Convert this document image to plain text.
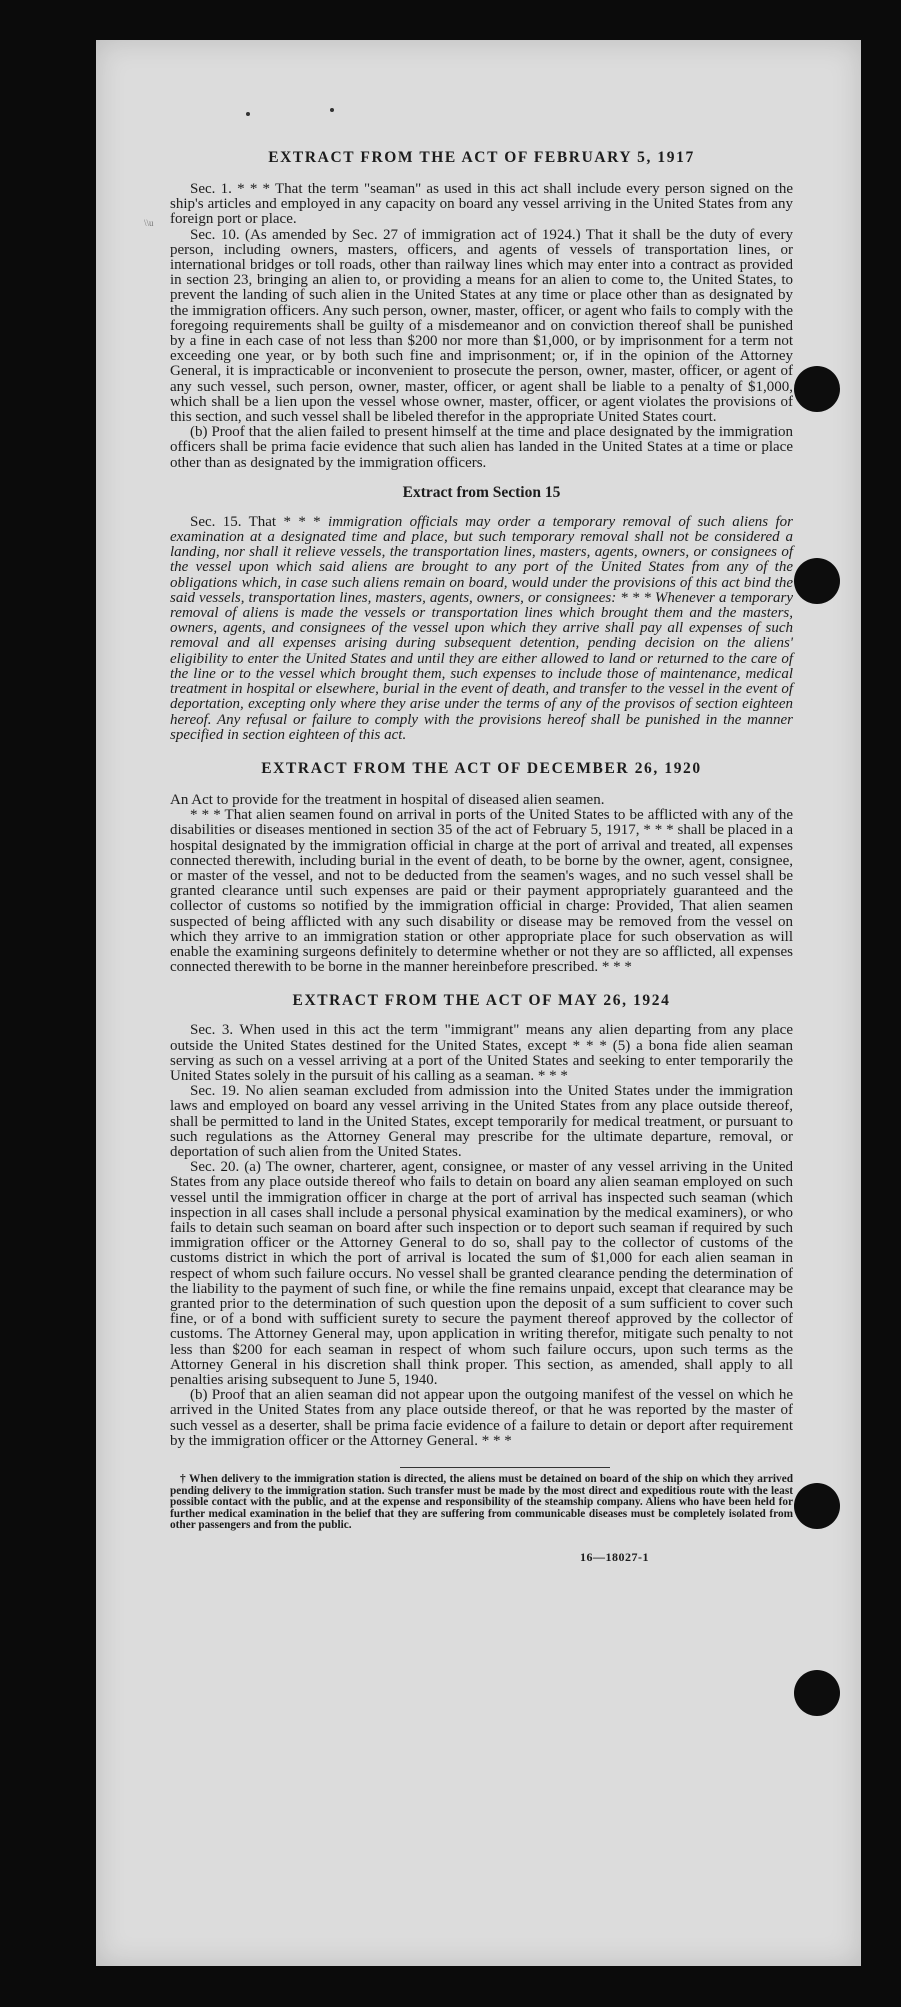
EXTRACT FROM THE ACT OF FEBRUARY 5, 1917

Sec. 1. * * * That the term "seaman" as used in this act shall include every person signed on the ship's articles and employed in any capacity on board any vessel arriving in the United States from any foreign port or place.

Sec. 10. (As amended by Sec. 27 of immigration act of 1924.) That it shall be the duty of every person, including owners, masters, officers, and agents of vessels of transportation lines, or international bridges or toll roads, other than railway lines which may enter into a contract as provided in section 23, bringing an alien to, or providing a means for an alien to come to, the United States, to prevent the landing of such alien in the United States at any time or place other than as designated by the immigration officers. Any such person, owner, master, officer, or agent who fails to comply with the foregoing requirements shall be guilty of a misdemeanor and on conviction thereof shall be punished by a fine in each case of not less than $200 nor more than $1,000, or by imprisonment for a term not exceeding one year, or by both such fine and imprisonment; or, if in the opinion of the Attorney General, it is impracticable or inconvenient to prosecute the person, owner, master, officer, or agent of any such vessel, such person, owner, master, officer, or agent shall be liable to a penalty of $1,000, which shall be a lien upon the vessel whose owner, master, officer, or agent violates the provisions of this section, and such vessel shall be libeled therefor in the appropriate United States court.

(b) Proof that the alien failed to present himself at the time and place designated by the immigration officers shall be prima facie evidence that such alien has landed in the United States at a time or place other than as designated by the immigration officers.

Extract from Section 15

Sec. 15. That * * * immigration officials may order a temporary removal of such aliens for examination at a designated time and place, but such temporary removal shall not be considered a landing, nor shall it relieve vessels, the transportation lines, masters, agents, owners, or consignees of the vessel upon which said aliens are brought to any port of the United States from any of the obligations which, in case such aliens remain on board, would under the provisions of this act bind the said vessels, transportation lines, masters, agents, owners, or consignees: * * * Whenever a temporary removal of aliens is made the vessels or transportation lines which brought them and the masters, owners, agents, and consignees of the vessel upon which they arrive shall pay all expenses of such removal and all expenses arising during subsequent detention, pending decision on the aliens' eligibility to enter the United States and until they are either allowed to land or returned to the care of the line or to the vessel which brought them, such expenses to include those of maintenance, medical treatment in hospital or elsewhere, burial in the event of death, and transfer to the vessel in the event of deportation, excepting only where they arise under the terms of any of the provisos of section eighteen hereof. Any refusal or failure to comply with the provisions hereof shall be punished in the manner specified in section eighteen of this act.

EXTRACT FROM THE ACT OF DECEMBER 26, 1920

An Act to provide for the treatment in hospital of diseased alien seamen.

* * * That alien seamen found on arrival in ports of the United States to be afflicted with any of the disabilities or diseases mentioned in section 35 of the act of February 5, 1917, * * * shall be placed in a hospital designated by the immigration official in charge at the port of arrival and treated, all expenses connected therewith, including burial in the event of death, to be borne by the owner, agent, consignee, or master of the vessel, and not to be deducted from the seamen's wages, and no such vessel shall be granted clearance until such expenses are paid or their payment appropriately guaranteed and the collector of customs so notified by the immigration official in charge: Provided, That alien seamen suspected of being afflicted with any such disability or disease may be removed from the vessel on which they arrive to an immigration station or other appropriate place for such observation as will enable the examining surgeons definitely to determine whether or not they are so afflicted, all expenses connected therewith to be borne in the manner hereinbefore prescribed. * * *

EXTRACT FROM THE ACT OF MAY 26, 1924

Sec. 3. When used in this act the term "immigrant" means any alien departing from any place outside the United States destined for the United States, except * * * (5) a bona fide alien seaman serving as such on a vessel arriving at a port of the United States and seeking to enter temporarily the United States solely in the pursuit of his calling as a seaman. * * *

Sec. 19. No alien seaman excluded from admission into the United States under the immigration laws and employed on board any vessel arriving in the United States from any place outside thereof, shall be permitted to land in the United States, except temporarily for medical treatment, or pursuant to such regulations as the Attorney General may prescribe for the ultimate departure, removal, or deportation of such alien from the United States.

Sec. 20. (a) The owner, charterer, agent, consignee, or master of any vessel arriving in the United States from any place outside thereof who fails to detain on board any alien seaman employed on such vessel until the immigration officer in charge at the port of arrival has inspected such seaman (which inspection in all cases shall include a personal physical examination by the medical examiners), or who fails to detain such seaman on board after such inspection or to deport such seaman if required by such immigration officer or the Attorney General to do so, shall pay to the collector of customs of the customs district in which the port of arrival is located the sum of $1,000 for each alien seaman in respect of whom such failure occurs. No vessel shall be granted clearance pending the determination of the liability to the payment of such fine, or while the fine remains unpaid, except that clearance may be granted prior to the determination of such question upon the deposit of a sum sufficient to cover such fine, or of a bond with sufficient surety to secure the payment thereof approved by the collector of customs. The Attorney General may, upon application in writing therefor, mitigate such penalty to not less than $200 for each seaman in respect of whom such failure occurs, upon such terms as the Attorney General in his discretion shall think proper. This section, as amended, shall apply to all penalties arising subsequent to June 5, 1940.

(b) Proof that an alien seaman did not appear upon the outgoing manifest of the vessel on which he arrived in the United States from any place outside thereof, or that he was reported by the master of such vessel as a deserter, shall be prima facie evidence of a failure to detain or deport after requirement by the immigration officer or the Attorney General. * * *

† When delivery to the immigration station is directed, the aliens must be detained on board of the ship on which they arrived pending delivery to the immigration station. Such transfer must be made by the most direct and expeditious route with the least possible contact with the public, and at the expense and responsibility of the steamship company. Aliens who have been held for further medical examination in the belief that they are suffering from communicable diseases must be completely isolated from other passengers and from the public.

16—18027-1
\\u
